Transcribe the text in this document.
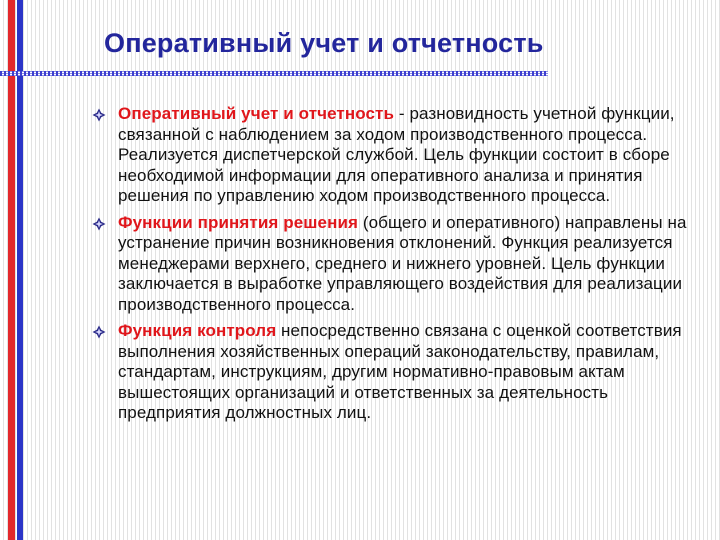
Оперативный учет и отчетность

Оперативный учет и отчетность - разновидность учетной функции, связанной с наблюдением за ходом производственного процесса. Реализуется диспетчерской службой. Цель функции состоит в сборе необходимой информации для оперативного анализа и принятия решения по управлению ходом производственного процесса.

Функции принятия решения (общего и оперативного) направлены на устранение причин возникновения отклонений. Функция реализуется менеджерами верхнего, среднего и нижнего уровней. Цель функции заключается в выработке управляющего воздействия для реализации производственного процесса.

Функция контроля непосредственно связана с оценкой соответствия выполнения хозяйственных операций законодательству, правилам, стандартам, инструкциям, другим нормативно-правовым актам вышестоящих организаций и ответственных за деятельность предприятия должностных лиц.
